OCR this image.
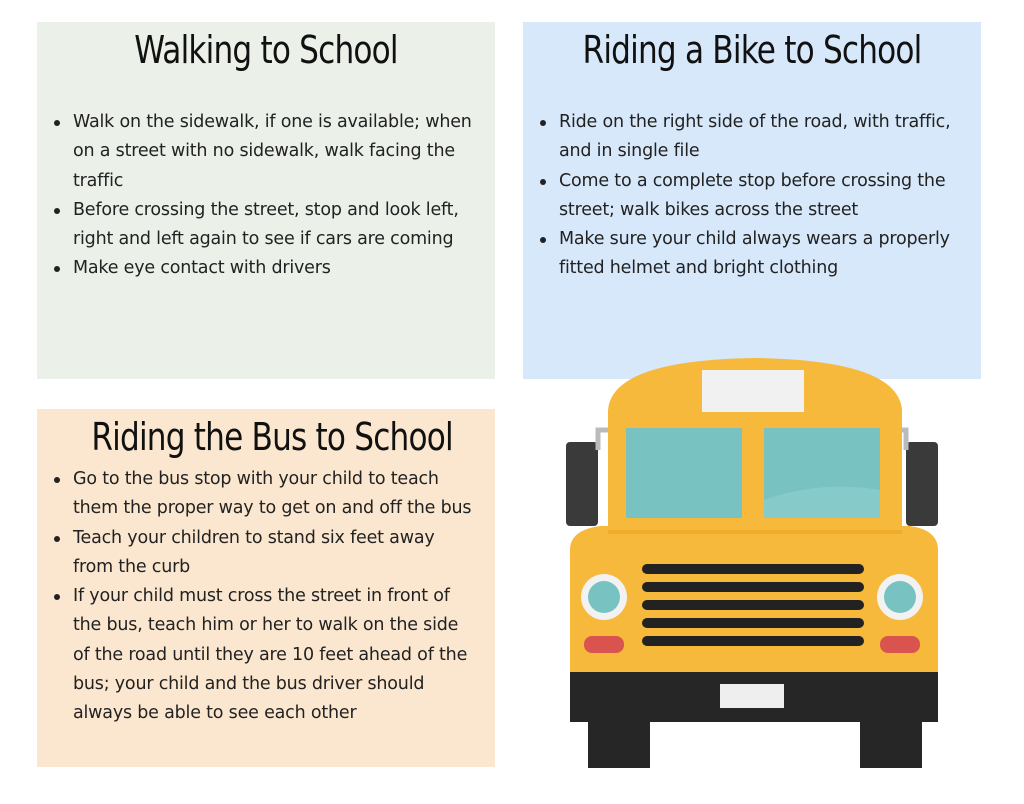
Walking to School
Walk on the sidewalk, if one is available; when on a street with no sidewalk, walk facing the traffic
Before crossing the street, stop and look left, right and left again to see if cars are coming
Make eye contact with drivers
Riding a Bike to School
Ride on the right side of the road, with traffic, and in single file
Come to a complete stop before crossing the street; walk bikes across the street
Make sure your child always wears a properly fitted helmet and bright clothing
Riding the Bus to School
Go to the bus stop with your child to teach them the proper way to get on and off the bus
Teach your children to stand six feet away from the curb
If your child must cross the street in front of the bus, teach him or her to walk on the side of the road until they are 10 feet ahead of the bus; your child and the bus driver should always be able to see each other
